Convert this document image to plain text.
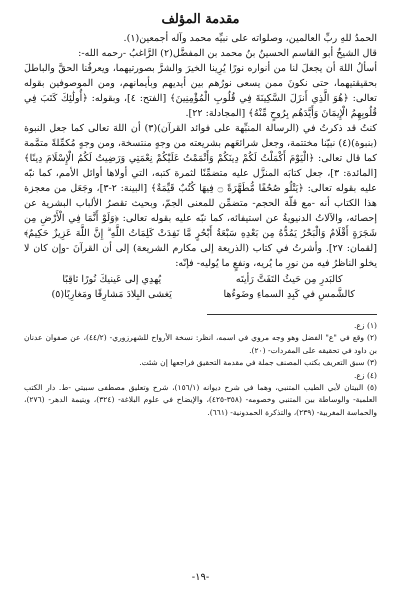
مقدمة المؤلف

الحمدُ للهِ ربِّ العالمين، وصلواته على نبيِّه محمد وآله أجمعين(١).

قال الشيخُ أبو القاسم الحسينُ بنُ محمد بن المفضَّل(٢) الرَّاغبُ -رحمه الله-:

أسألُ اللهَ أن يجعلَ لنا من أنواره نورًا يُرِينا الخيرَ والشرَّ بصورتيهما، ويعرفُنا الحقَّ والباطلَ بحقيقتيهما، حتى نكونَ ممن يسعى نورُهم بين أيديهم وبأيمانهم، ومن الموصوفين بقوله تعالى: ﴿هُوَ الَّذِي أَنزَلَ السَّكِينَةَ فِي قُلُوبِ الْمُؤْمِنِينَ﴾ [الفتح: ٤]، وبقوله: ﴿أُولَٰئِكَ كَتَبَ فِي قُلُوبِهِمُ الْإِيمَانَ وَأَيَّدَهُم بِرُوحٍ مِّنْهُ﴾ [المجادلة: ٢٢].

كنتُ قد ذكرتُ في (الرسالة المنبِّهة على فوائد القرآن)(٣) أن اللهَ تعالى كما جعل النبوة (بنبوة)(٤) نبيّنا مختتمة، وجعل شرائعَهم بشريعته من وجهٍ منتسخة، ومن وجهٍ مُكمِّلةً متمَّمة كما قال تعالى: ﴿الْيَوْمَ أَكْمَلْتُ لَكُمْ دِينَكُمْ وَأَتْمَمْتُ عَلَيْكُمْ نِعْمَتِي وَرَضِيتُ لَكُمُ الْإِسْلَامَ دِينًا﴾ [المائدة: ٣]، جعل كتابَه المنزَّل عليه متضمِّنًا لثمرة كتبه، التي أولاها أوائل الأمم، كما نبّه عليه بقوله تعالى: ﴿يَتْلُو صُحُفًا مُّطَهَّرَةً ۝ فِيهَا كُتُبٌ قَيِّمَةٌ﴾ [البينة: ٢-٣]، وجَعَل من معجزة هذا الكتاب أنه -مع قلّة الحجم- متضمِّن للمعنى الجمّ، وبحيث تقصرُ الألباب البشرية عن إحصائه، والآلاتُ الدنيويةُ عن استيفائه، كما نبّه عليه بقوله تعالى: ﴿وَلَوْ أَنَّمَا فِي الْأَرْضِ مِن شَجَرَةٍ أَقْلَامٌ وَالْبَحْرُ يَمُدُّهُ مِن بَعْدِهِ سَبْعَةُ أَبْحُرٍ مَّا نَفِدَتْ كَلِمَاتُ اللَّهِ ۗ إِنَّ اللَّهَ عَزِيزٌ حَكِيمٌ﴾ [لقمان: ٢٧]. وأشرتُ في كتاب (الذريعة إلى مكارم الشريعة) إلى أن القرآنَ -وإن كان لا يخلو الناظرُ فيه من نورِ ما يُريه، ونفعٍ ما يُوليه- فإنّه:

كالبَدرِ مِن حَيثُ التَفَتَّ رَأيتَه
يُهدِي إلى عَينيكَ نُورًا ثاقِبًا
كالشَّمسِ في كَبِدِ السماءِ وضَوءُها
يَغشى البِلادَ مَشارِقًا ومَغارِبًا(٥)

(١) زع.

(٢) وقع في "ع" الفضل وهو وجه مروي في اسمه، انظر: نسخة الأرواح للشهرزوري- (٤٤/٢)، عن صفوان عدنان بن داود في تحقيقه على المفردات- (٢٠).

(٣) سبق التعريف بكتب المصنف جملة في مقدمة التحقيق فراجعها إن شئت.

(٤) زع.

(٥) البيتان لأبي الطيب المتنبي، وهما في شرح ديوانه (١٥٦/١)، شرح وتعليق مصطفى سبيتي -ط. دار الكتب العلمية- والوساطة بين المتنبي وخصومه- (٣٥٨-٤٢٥)، والإيضاح في علوم البلاغة- (٣٢٤)، ويتيمة الدهر- (٢٧٦)، والحماسة المغربية- (٢٣٩)، والتذكرة الحمدونية- (٦٦١).

-١٩-
